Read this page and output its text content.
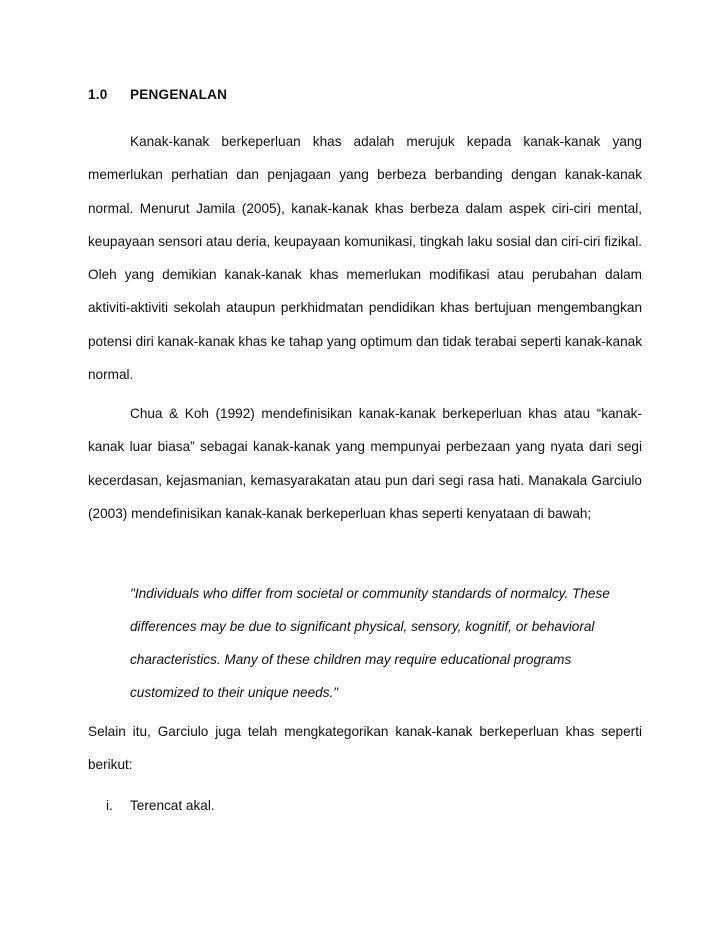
1.0 PENGENALAN

Kanak-kanak berkeperluan khas adalah merujuk kepada kanak-kanak yang memerlukan perhatian dan penjagaan yang berbeza berbanding dengan kanak-kanak normal. Menurut Jamila (2005), kanak-kanak khas berbeza dalam aspek ciri-ciri mental, keupayaan sensori atau deria, keupayaan komunikasi, tingkah laku sosial dan ciri-ciri fizikal. Oleh yang demikian kanak-kanak khas memerlukan modifikasi atau perubahan dalam aktiviti-aktiviti sekolah ataupun perkhidmatan pendidikan khas bertujuan mengembangkan potensi diri kanak-kanak khas ke tahap yang optimum dan tidak terabai seperti kanak-kanak normal.

Chua & Koh (1992) mendefinisikan kanak-kanak berkeperluan khas atau “kanak-kanak luar biasa” sebagai kanak-kanak yang mempunyai perbezaan yang nyata dari segi kecerdasan, kejasmanian, kemasyarakatan atau pun dari segi rasa hati. Manakala Garciulo (2003) mendefinisikan kanak-kanak berkeperluan khas seperti kenyataan di bawah;

"Individuals who differ from societal or community standards of normalcy. These differences may be due to significant physical, sensory, kognitif, or behavioral characteristics. Many of these children may require educational programs customized to their unique needs."

Selain itu, Garciulo juga telah mengkategorikan kanak-kanak berkeperluan khas seperti berikut:

i. Terencat akal.
